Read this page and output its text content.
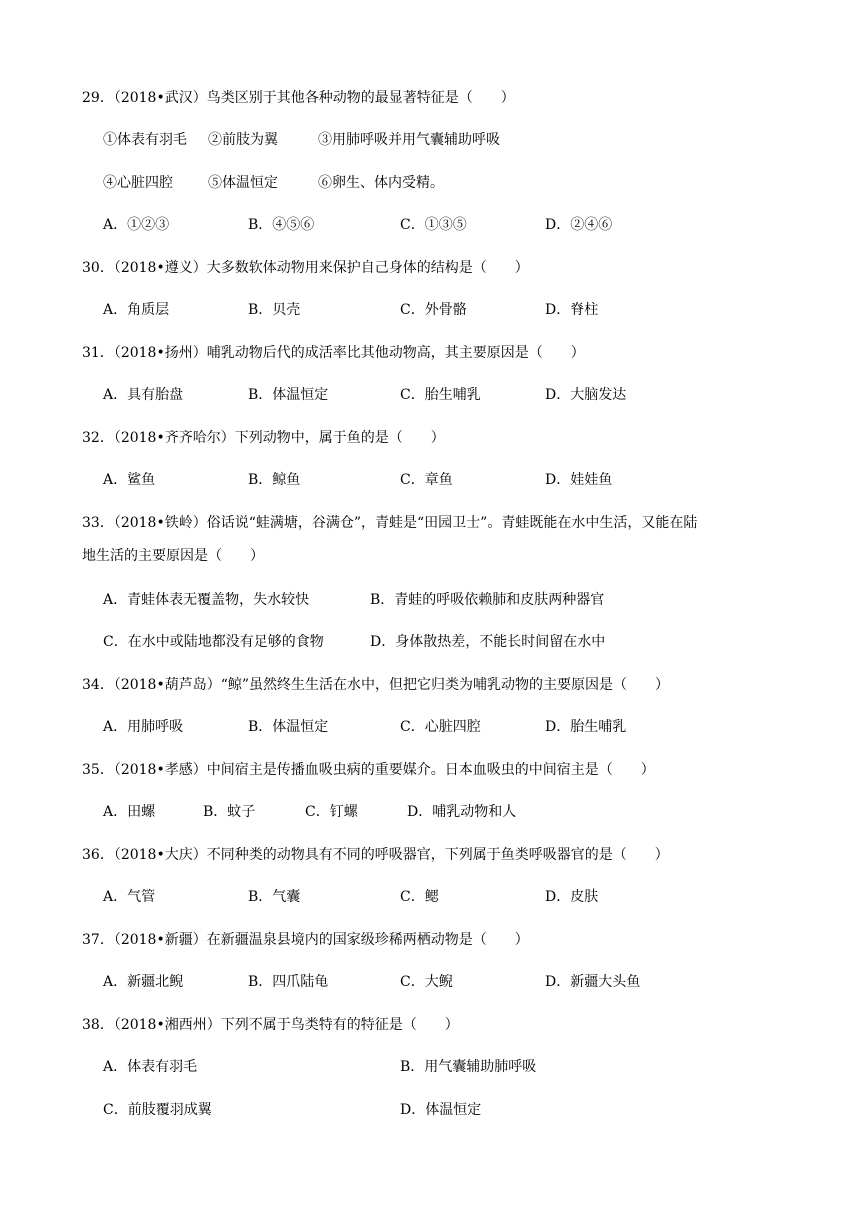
29．（2018•武汉）鸟类区别于其他各种动物的最显著特征是（　　）
①体表有羽毛 ②前肢为翼	③用肺呼吸并用气囊辅助呼吸
④心脏四腔	⑤体温恒定	⑥卵生、体内受精。
A．①②③	B．④⑤⑥	C．①③⑤	D．②④⑥
30．（2018•遵义）大多数软体动物用来保护自己身体的结构是（　　）
A．角质层	B．贝壳	C．外骨骼	D．脊柱
31．（2018•扬州）哺乳动物后代的成活率比其他动物高，其主要原因是（　　）
A．具有胎盘	B．体温恒定	C．胎生哺乳	D．大脑发达
32．（2018•齐齐哈尔）下列动物中，属于鱼的是（　　）
A．鲨鱼	B．鲸鱼	C．章鱼	D．娃娃鱼
33．（2018•铁岭）俗话说“蛙满塘，谷满仓”，青蛙是“田园卫士”。青蛙既能在水中生活，又能在陆
地生活的主要原因是（　　）
A．青蛙体表无覆盖物，失水较快	B．青蛙的呼吸依赖肺和皮肤两种器官
C．在水中或陆地都没有足够的食物	D．身体散热差，不能长时间留在水中
34．（2018•葫芦岛）“鲸”虽然终生生活在水中，但把它归类为哺乳动物的主要原因是（　　）
A．用肺呼吸	B．体温恒定	C．心脏四腔	D．胎生哺乳
35．（2018•孝感）中间宿主是传播血吸虫病的重要媒介。日本血吸虫的中间宿主是（　　）
A．田螺	B．蚊子	C．钉螺	D．哺乳动物和人
36．（2018•大庆）不同种类的动物具有不同的呼吸器官，下列属于鱼类呼吸器官的是（　　）
A．气管	B．气囊	C．鳃	D．皮肤
37．（2018•新疆）在新疆温泉县境内的国家级珍稀两栖动物是（　　）
A．新疆北鲵	B．四爪陆龟	C．大鲵	D．新疆大头鱼
38．（2018•湘西州）下列不属于鸟类特有的特征是（　　）
A．体表有羽毛	B．用气囊辅助肺呼吸
C．前肢覆羽成翼	D．体温恒定
